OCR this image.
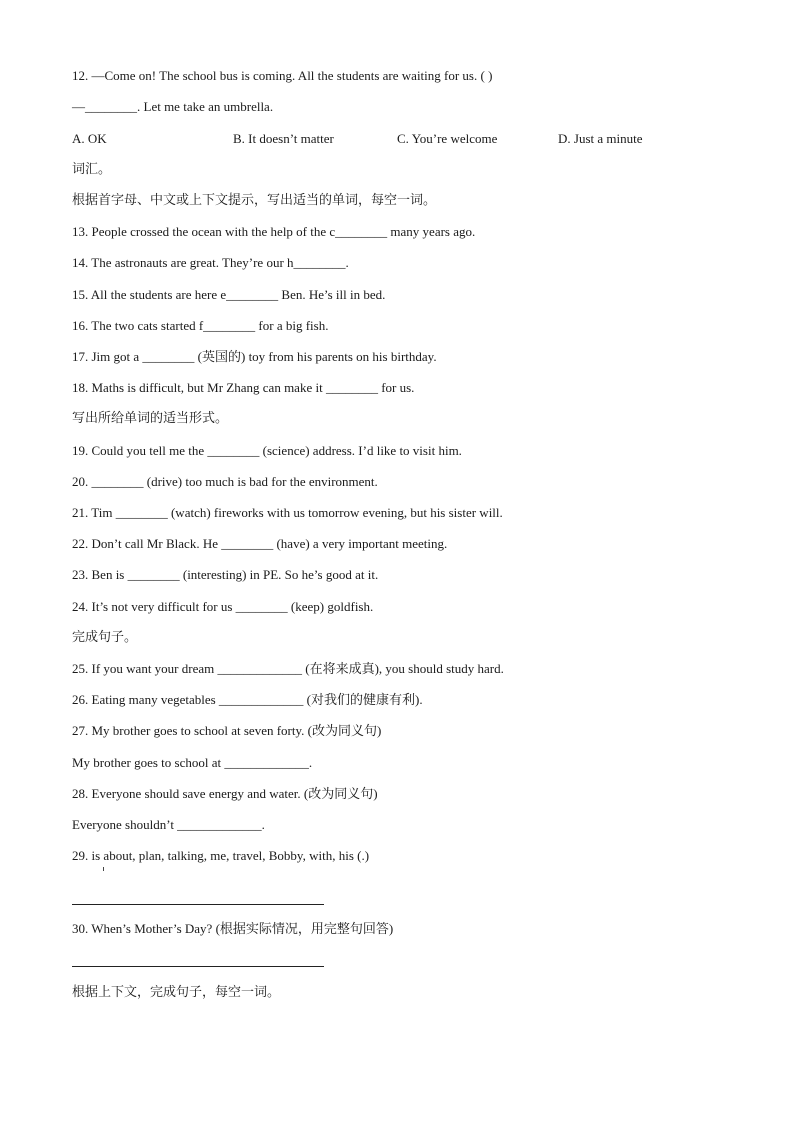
12. —Come on! The school bus is coming. All the students are waiting for us. ( )

—________. Let me take an umbrella.

A. OK	B. It doesn’t matter	C. You’re welcome	D. Just a minute

词汇。

根据首字母、中文或上下文提示，写出适当的单词，每空一词。

13. People crossed the ocean with the help of the c________ many years ago.

14. The astronauts are great. They’re our h________.

15. All the students are here e________ Ben. He’s ill in bed.

16. The two cats started f________ for a big fish.

17. Jim got a ________ (英国的) toy from his parents on his birthday.

18. Maths is difficult, but Mr Zhang can make it ________ for us.

写出所给单词的适当形式。

19. Could you tell me the ________ (science) address. I’d like to visit him.

20. ________ (drive) too much is bad for the environment.

21. Tim ________ (watch) fireworks with us tomorrow evening, but his sister will.

22. Don’t call Mr Black. He ________ (have) a very important meeting.

23. Ben is ________ (interesting) in PE. So he’s good at it.

24. It’s not very difficult for us ________ (keep) goldfish.

完成句子。

25. If you want your dream _____________ (在将来成真), you should study hard.

26. Eating many vegetables _____________ (对我们的健康有利).

27. My brother goes to school at seven forty. (改为同义句)

My brother goes to school at _____________.

28. Everyone should save energy and water. (改为同义句)

Everyone shouldn’t _____________.

29. is about, plan, talking, me, travel, Bobby, with, his (.)

30. When’s Mother’s Day? (根据实际情况，用完整句回答)

根据上下文，完成句子，每空一词。
